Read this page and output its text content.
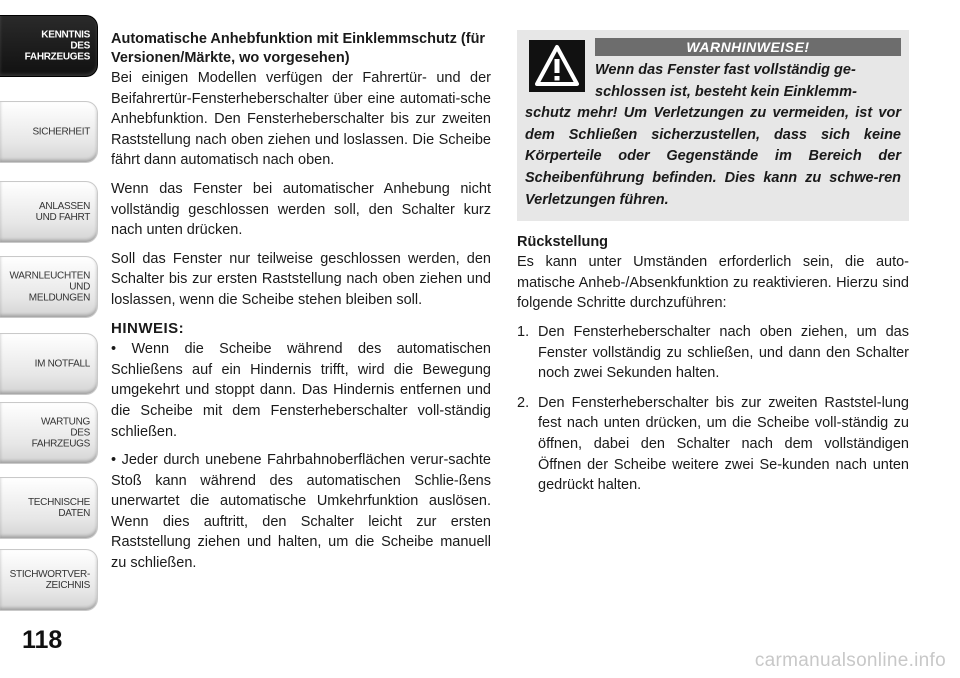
KENNTNIS
DES
FAHRZEUGES
SICHERHEIT
ANLASSEN
UND FAHRT
WARNLEUCHTEN
UND
MELDUNGEN
IM NOTFALL
WARTUNG
DES
FAHRZEUGS
TECHNISCHE
DATEN
STICHWORTVER-
ZEICHNIS
118
Automatische Anhebfunktion mit Einklemmschutz (für Versionen/Märkte, wo vorgesehen)

Bei einigen Modellen verfügen der Fahrertür- und der Beifahrertür-Fensterheberschalter über eine automati-sche Anhebfunktion. Den Fensterheberschalter bis zur zweiten Raststellung nach oben ziehen und loslassen. Die Scheibe fährt dann automatisch nach oben.

Wenn das Fenster bei automatischer Anhebung nicht vollständig geschlossen werden soll, den Schalter kurz nach unten drücken.

Soll das Fenster nur teilweise geschlossen werden, den Schalter bis zur ersten Raststellung nach oben ziehen und loslassen, wenn die Scheibe stehen bleiben soll.

HINWEIS:

• Wenn die Scheibe während des automatischen Schließens auf ein Hindernis trifft, wird die Bewegung umgekehrt und stoppt dann. Das Hindernis entfernen und die Scheibe mit dem Fensterheberschalter voll-ständig schließen.

• Jeder durch unebene Fahrbahnoberflächen verur-sachte Stoß kann während des automatischen Schlie-ßens unerwartet die automatische Umkehrfunktion auslösen. Wenn dies auftritt, den Schalter leicht zur ersten Raststellung ziehen und halten, um die Scheibe manuell zu schließen.

WARNHINWEISE!
Wenn das Fenster fast vollständig ge-
schlossen ist, besteht kein Einklemm-
schutz mehr! Um Verletzungen zu vermeiden, ist vor dem Schließen sicherzustellen, dass sich keine Körperteile oder Gegenstände im Bereich der Scheibenführung befinden. Dies kann zu schwe-ren Verletzungen führen.
Rückstellung

Es kann unter Umständen erforderlich sein, die auto-matische Anheb-/Absenkfunktion zu reaktivieren. Hierzu sind folgende Schritte durchzuführen:

1. Den Fensterheberschalter nach oben ziehen, um das Fenster vollständig zu schließen, und dann den Schalter noch zwei Sekunden halten.
2. Den Fensterheberschalter bis zur zweiten Raststel-lung fest nach unten drücken, um die Scheibe voll-ständig zu öffnen, dabei den Schalter nach dem vollständigen Öffnen der Scheibe weitere zwei Se-kunden nach unten gedrückt halten.
carmanualsonline.info
